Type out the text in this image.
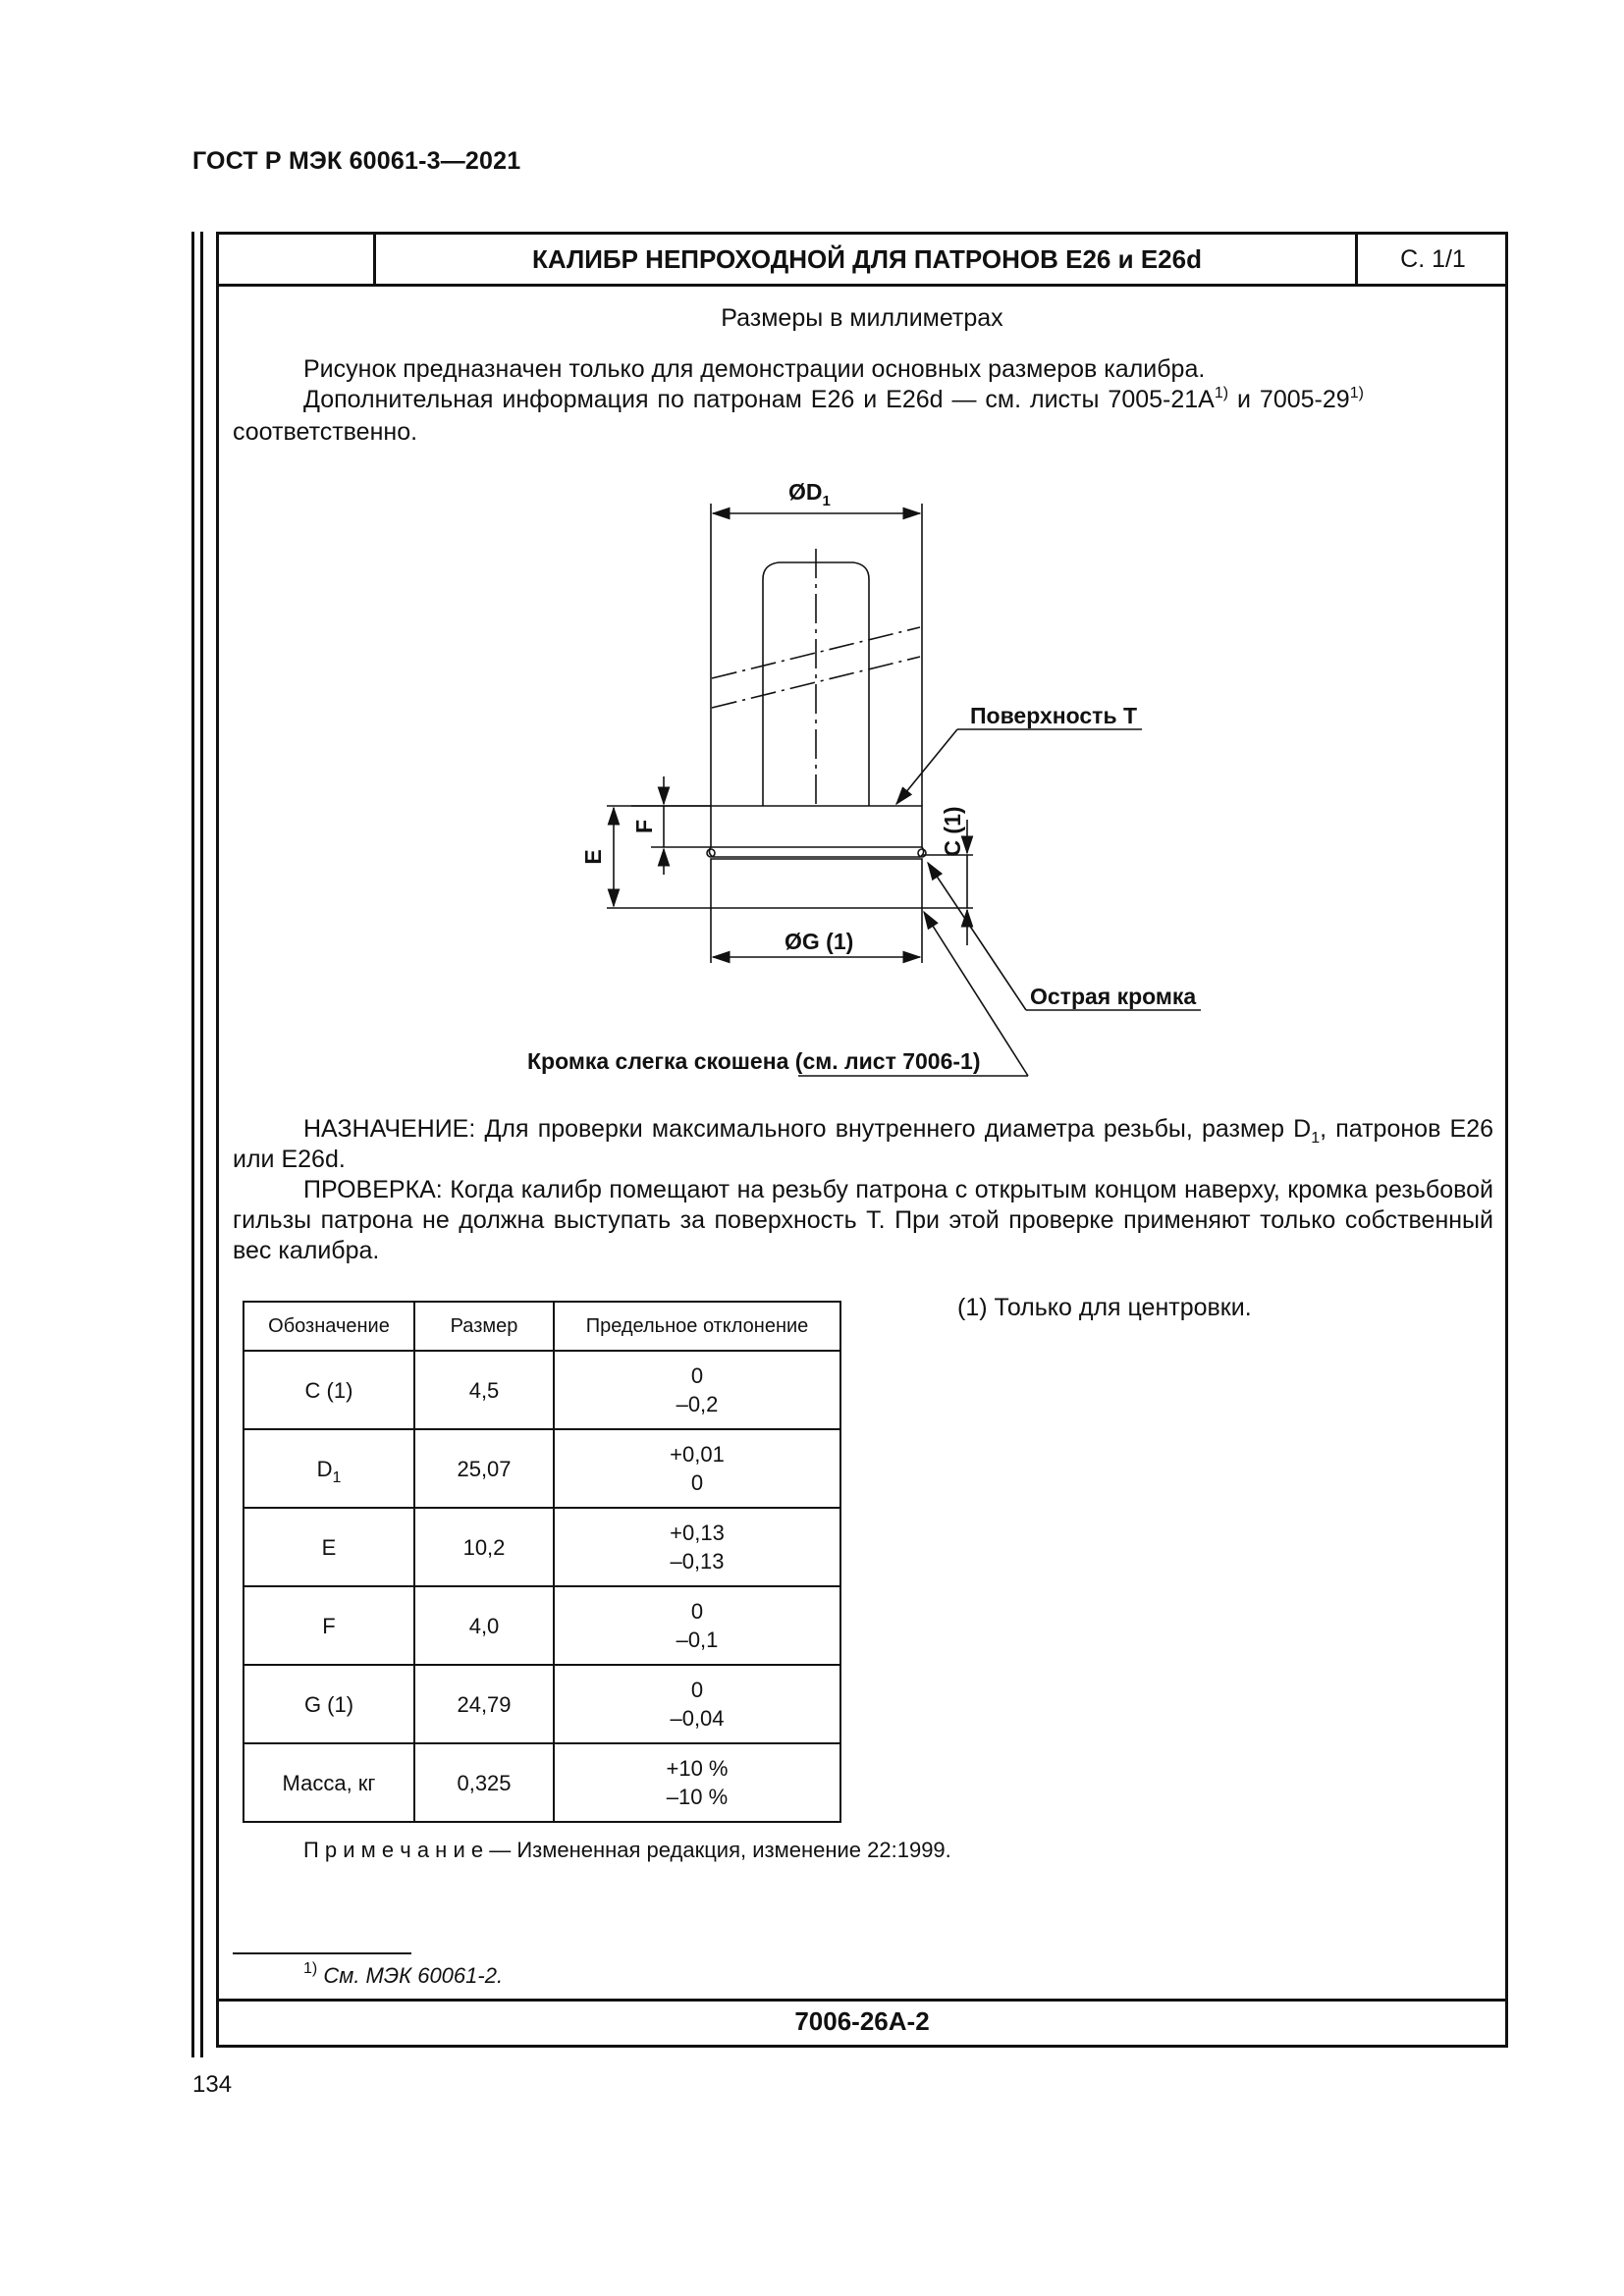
ГОСТ Р МЭК 60061-3—2021
КАЛИБР НЕПРОХОДНОЙ ДЛЯ ПАТРОНОВ Е26 и Е26d	С. 1/1
Размеры в миллиметрах
Рисунок предназначен только для демонстрации основных размеров калибра.
Дополнительная информация по патронам Е26 и Е26d — см. листы $7005-21А^{1)}$ и 7005-29$^{1)}$
соответственно.
$ØD_1$
ØG (1)
E
F	C (1)
Поверхность Т
Острая кромка
Кромка слегка скошена (см. лист 7006-1)
НАЗНАЧЕНИЕ: Для проверки максимального внутреннего диаметра резьбы, размер $D_1$, патронов Е26 или Е26d.
ПРОВЕРКА: Когда калибр помещают на резьбу патрона с открытым концом наверху, кромка резьбовой гильзы патрона не должна выступать за поверхность Т. При этой проверке применяют только собственный вес калибра.
Обозначение	Размер	Предельное отклонение
C (1)	4,5	0
–0,2

$D_1$	25,07	+0,01
0

E	10,2	+0,13
–0,13

F	4,0	0
–0,1

G (1)	24,79	0
–0,04

Масса, кг	0,325	+10 %
–10 %
(1) Только для центровки.
П р и м е ч а н и е — Измененная редакция, изменение 22:1999.
$^{1)}$ См. МЭК 60061-2.
7006-26А-2
134
